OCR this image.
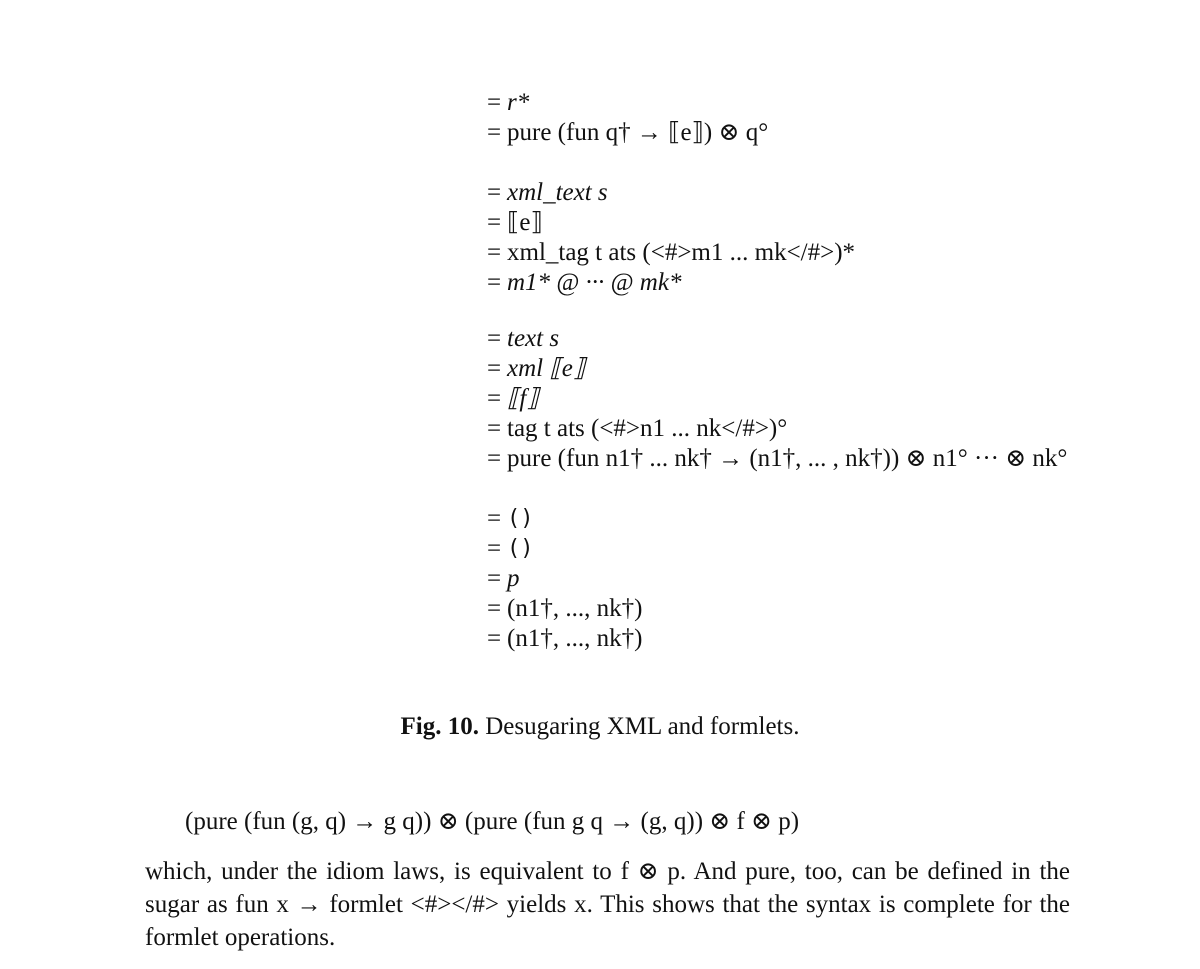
= r*
= pure (fun q† → ⟦e⟧) ⊗ q°
= xml_text s
= ⟦e⟧
= xml_tag t ats (<#>m1 ... mk</#>)*
= m1* @ ··· @ mk*
= text s
= xml ⟦e⟧
= ⟦f⟧
= tag t ats (<#>n1 ... nk</#>)°
= pure (fun n1† ... nk† → (n1†, ... , nk†)) ⊗ n1° ··· ⊗ nk°
= ()
= ()
= p
= (n1†, ..., nk†)
= (n1†, ..., nk†)
Fig. 10. Desugaring XML and formlets.
(pure (fun (g, q) → g q)) ⊗ (pure (fun g q → (g, q)) ⊗ f ⊗ p)
which, under the idiom laws, is equivalent to f ⊗ p. And pure, too, can be defined in the sugar as fun x → formlet <#></#> yields x. This shows that the syntax is complete for the formlet operations.
